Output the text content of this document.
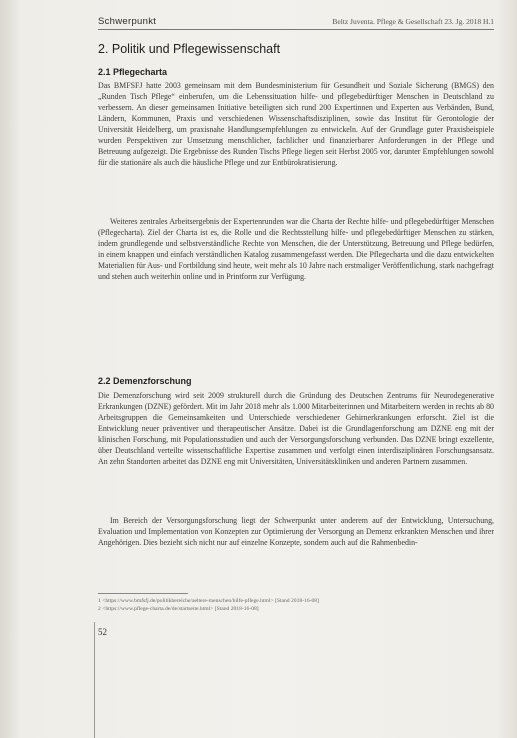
Schwerpunkt	Beltz Juventa. Pflege & Gesellschaft 23. Jg. 2018 H.1
2. Politik und Pflegewissenschaft
2.1 Pflegecharta

Das BMFSFJ hatte 2003 gemeinsam mit dem Bundesministerium für Gesundheit und Soziale Sicherung (BMGS) den „Runden Tisch Pflege“ einberufen, um die Lebenssituation hilfe- und pflegebedürftiger Menschen in Deutschland zu verbessern. An dieser gemeinsamen Initiative beteiligten sich rund 200 Expertinnen und Experten aus Verbänden, Bund, Ländern, Kommunen, Praxis und verschiedenen Wissenschaftsdisziplinen, sowie das Institut für Gerontologie der Universität Heidelberg, um praxisnahe Handlungsempfehlungen zu entwickeln. Auf der Grundlage guter Praxisbeispiele wurden Perspektiven zur Umsetzung menschlicher, fachlicher und finanzierbarer Anforderungen in der Pflege und Betreuung aufgezeigt. Die Ergebnisse des Runden Tischs Pflege liegen seit Herbst 2005 vor, darunter Empfehlungen sowohl für die stationäre als auch die häusliche Pflege und zur Entbürokratisierung.

Weiteres zentrales Arbeitsergebnis der Expertenrunden war die Charta der Rechte hilfe- und pflegebedürftiger Menschen (Pflegecharta). Ziel der Charta ist es, die Rolle und die Rechtsstellung hilfe- und pflegebedürftiger Menschen zu stärken, indem grundlegende und selbstverständliche Rechte von Menschen, die der Unterstützung, Betreuung und Pflege bedürfen, in einem knappen und einfach verständlichen Katalog zusammengefasst werden. Die Pflegecharta und die dazu entwickelten Materialien für Aus- und Fortbildung sind heute, weit mehr als 10 Jahre nach erstmaliger Veröffentlichung, stark nachgefragt und stehen auch weiterhin online und in Printform zur Verfügung.

2.2 Demenzforschung

Die Demenzforschung wird seit 2009 strukturell durch die Gründung des Deutschen Zentrums für Neurodegenerative Erkrankungen (DZNE) gefördert. Mit im Jahr 2018 mehr als 1.000 Mitarbeiterinnen und Mitarbeitern werden in rechts ab 80 Arbeitsgruppen die Gemeinsamkeiten und Unterschiede verschiedener Gehirnerkrankungen erforscht. Ziel ist die Entwicklung neuer präventiver und therapeutischer Ansätze. Dabei ist die Grundlagenforschung am DZNE eng mit der klinischen Forschung, mit Populationsstudien und auch der Versorgungsforschung verbunden. Das DZNE bringt exzellente, über Deutschland verteilte wissenschaftliche Expertise zusammen und verfolgt einen interdisziplinären Forschungsansatz. An zehn Standorten arbeitet das DZNE eng mit Universitäten, Universitätskliniken und anderen Partnern zusammen.

Im Bereich der Versorgungsforschung liegt der Schwerpunkt unter anderem auf der Entwicklung, Untersuchung, Evaluation und Implementation von Konzepten zur Optimierung der Versorgung an Demenz erkrankten Menschen und ihrer Angehörigen. Dies bezieht sich nicht nur auf einzelne Konzepte, sondern auch auf die Rahmenbedin-

1 <https://www.bmfsfj.de/politikbereiche/aeltere-menschen/hilfe-pflege.html> [Stand 2018-16-08]
2 <https://www.pflege-charta.de/de/startseite.html> [Stand 2018-16-08]
52
